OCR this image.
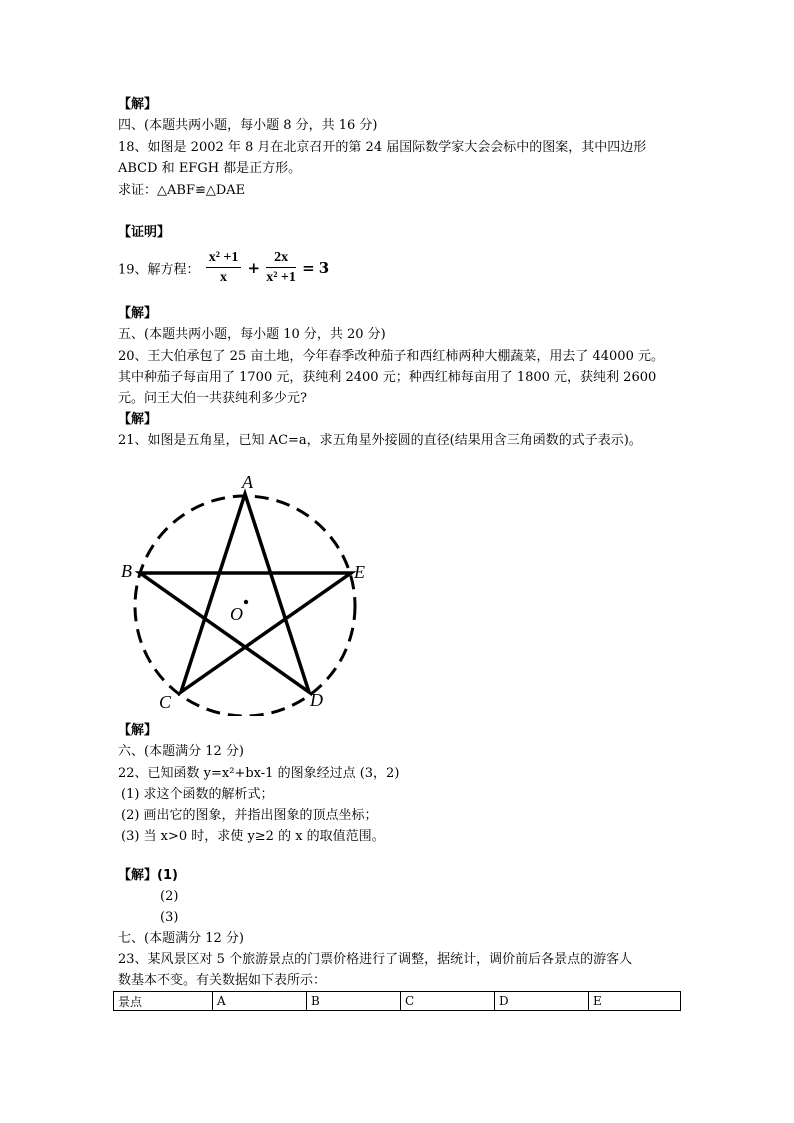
【解】
四、(本题共两小题，每小题 8 分，共 16 分)
18、如图是 2002 年 8 月在北京召开的第 24 届国际数学家大会会标中的图案，其中四边形
ABCD 和 EFGH 都是正方形。
求证：△ABF≌△DAE
【证明】
19、解方程： $\frac{\text{x² +1}}{x} + \frac{2x}{\text{x² +1}} = 3$
【解】
五、(本题共两小题，每小题 10 分，共 20 分)
20、王大伯承包了 25 亩土地，今年春季改种茄子和西红柿两种大棚蔬菜，用去了 44000 元。
其中种茄子每亩用了 1700 元，获纯利 2400 元；种西红柿每亩用了 1800 元，获纯利 2600
元。问王大伯一共获纯利多少元?
【解】
21、如图是五角星，已知 AC=a，求五角星外接圆的直径(结果用含三角函数的式子表示)。
A
B	E
O
C	D
【解】
六、(本题满分 12 分)
22、已知函数 y=x²+bx-1 的图象经过点 (3，2)
(1) 求这个函数的解析式；
(2) 画出它的图象，并指出图象的顶点坐标；
(3) 当 x>0 时，求使 y≥2 的 x 的取值范围。
【解】(1)
(2)
(3)
七、(本题满分 12 分)
23、某风景区对 5 个旅游景点的门票价格进行了调整，据统计，调价前后各景点的游客人
数基本不变。有关数据如下表所示：
景点	A	B	C	D	E
